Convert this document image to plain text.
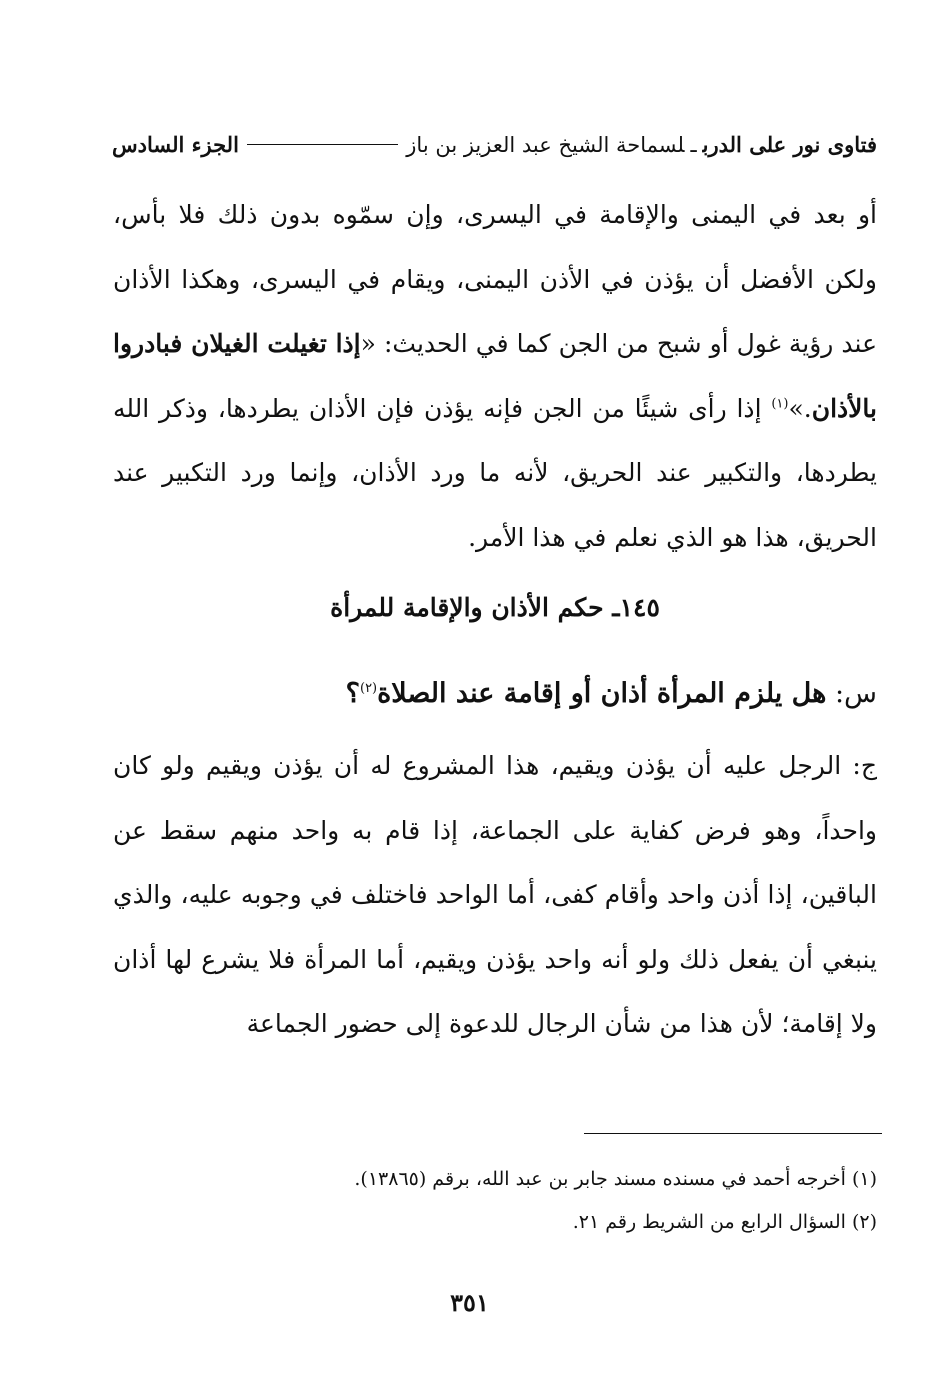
فتاوى نور على الدربـلسماحة الشيخ عبد العزيز بن باز
الجزء السادس

أو بعد في اليمنى والإقامة في اليسرى، وإن سمّوه بدون ذلك فلا بأس، ولكن الأفضل أن يؤذن في الأذن اليمنى، ويقام في اليسرى، وهكذا الأذان عند رؤية غول أو شبح من الجن كما في الحديث: «إذا تغيلت الغيلان فبادروا بالأذان.»$^{(١)}$ إذا رأى شيئًا من الجن فإنه يؤذن فإن الأذان يطردها، وذكر الله يطردها، والتكبير عند الحريق، لأنه ما ورد الأذان، وإنما ورد التكبير عند الحريق، هذا هو الذي نعلم في هذا الأمر.

١٤٥ـ حكم الأذان والإقامة للمرأة
س: هل يلزم المرأة أذان أو إقامة عند الصلاة$^{(٢)}$؟

ج: الرجل عليه أن يؤذن ويقيم، هذا المشروع له أن يؤذن ويقيم ولو كان واحداً، وهو فرض كفاية على الجماعة، إذا قام به واحد منهم سقط عن الباقين، إذا أذن واحد وأقام كفى، أما الواحد فاختلف في وجوبه عليه، والذي ينبغي أن يفعل ذلك ولو أنه واحد يؤذن ويقيم، أما المرأة فلا يشرع لها أذان ولا إقامة؛ لأن هذا من شأن الرجال للدعوة إلى حضور الجماعة

(١) أخرجه أحمد في مسنده مسند جابر بن عبد الله، برقم (١٣٨٦٥).
(٢) السؤال الرابع من الشريط رقم ٢١.
٣٥١
